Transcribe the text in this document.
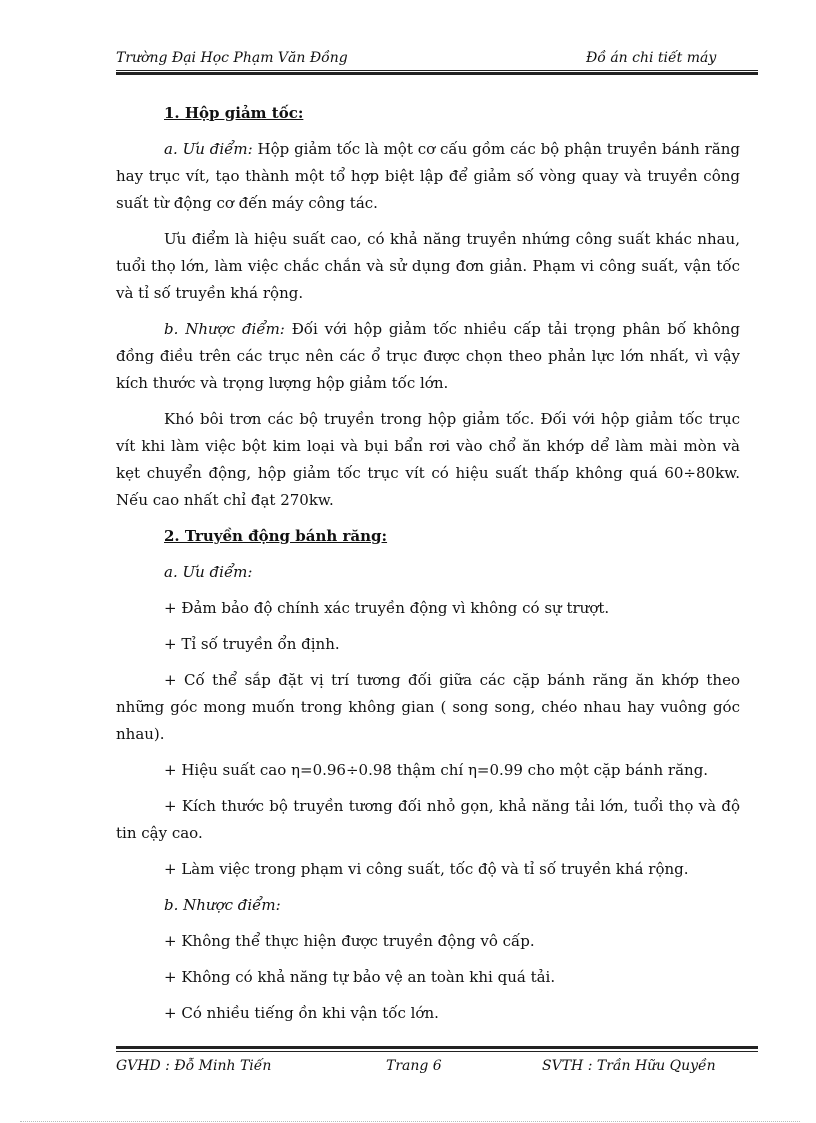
Trường Đại Học Phạm Văn Đồng	Đồ án chi tiết máy

1. Hộp giảm tốc:

a. Ưu điểm: Hộp giảm tốc là một cơ cấu gồm các bộ phận truyền bánh răng hay trục vít, tạo thành một tổ hợp biệt lập để giảm số vòng quay và truyền công suất từ động cơ đến máy công tác.

Ưu điểm là hiệu suất cao, có khả năng truyền nhứng công suất khác nhau, tuổi thọ lớn, làm việc chắc chắn và sử dụng đơn giản. Phạm vi công suất, vận tốc và tỉ số truyền khá rộng.

b. Nhược điểm: Đối với hộp giảm tốc nhiều cấp tải trọng phân bố không đồng điều trên các trục nên các ổ trục được chọn theo phản lực lớn nhất, vì vậy kích thước và trọng lượng hộp giảm tốc lớn.

Khó bôi trơn các bộ truyền trong hộp giảm tốc. Đối với hộp giảm tốc trục vít khi làm việc bột kim loại và bụi bẩn rơi vào chổ ăn khớp dể làm mài mòn và kẹt chuyển động, hộp giảm tốc trục vít có hiệu suất thấp không quá 60÷80kw. Nếu cao nhất chỉ đạt 270kw.

2. Truyền động bánh răng:

a. Ưu điểm:

+ Đảm bảo độ chính xác truyền động vì không có sự trượt.

+ Tỉ số truyền ổn định.

+ Cố thể sắp đặt vị trí tương đối giữa các cặp bánh răng ăn khớp theo những góc mong muốn trong không gian ( song song, chéo nhau hay vuông góc nhau).

+ Hiệu suất cao η=0.96÷0.98 thậm chí η=0.99 cho một cặp bánh răng.

+ Kích thước bộ truyền tương đối nhỏ gọn, khả năng tải lớn, tuổi thọ và độ tin cậy cao.

+ Làm việc trong phạm vi công suất, tốc độ và tỉ số truyền khá rộng.

b. Nhược điểm:

+ Không thể thực hiện được truyền động vô cấp.

+ Không có khả năng tự bảo vệ an toàn khi quá tải.

+ Có nhiều tiếng ồn khi vận tốc lớn.

GVHD : Đỗ Minh Tiến	Trang 6	SVTH : Trần Hữu Quyền
